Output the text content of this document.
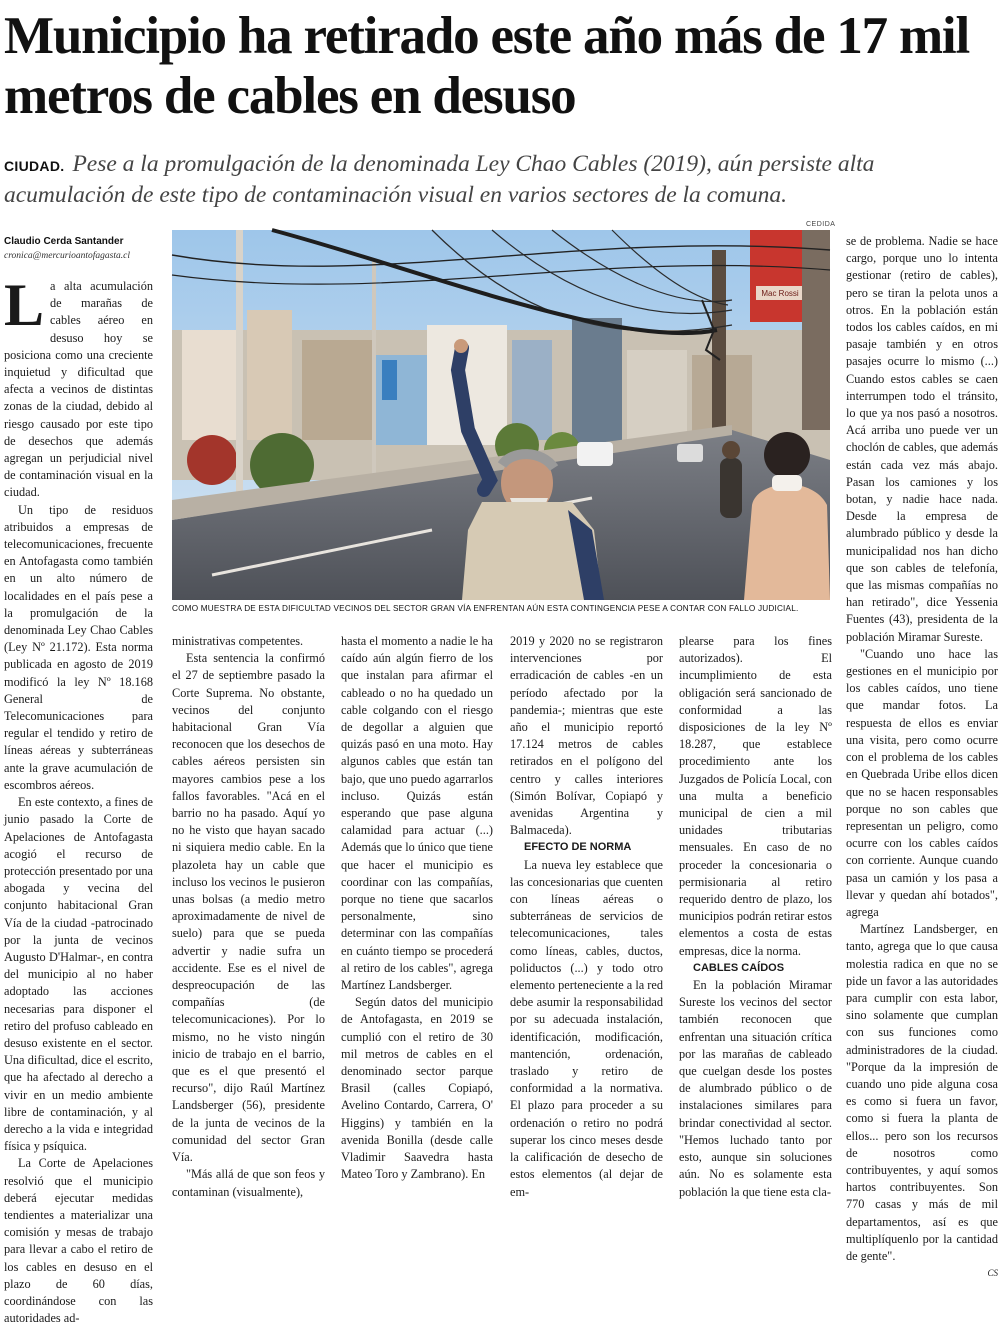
Municipio ha retirado este año más de 17 mil metros de cables en desuso
CIUDAD. Pese a la promulgación de la denominada Ley Chao Cables (2019), aún persiste alta acumulación de este tipo de contaminación visual en varios sectores de la comuna.
CEDIDA
Claudio Cerda Santander
cronica@mercurioantofagasta.cl
Mac Rossi
COMO MUESTRA DE ESTA DIFICULTAD VECINOS DEL SECTOR GRAN VÍA ENFRENTAN AÚN ESTA CONTINGENCIA PESE A CONTAR CON FALLO JUDICIAL.

La alta acumulación de marañas de cables aéreo en desuso hoy se posiciona como una creciente inquietud y dificultad que afecta a vecinos de distintas zonas de la ciudad, debido al riesgo causado por este tipo de desechos que además agregan un perjudicial nivel de contaminación visual en la ciudad.

Un tipo de residuos atribuidos a empresas de telecomunicaciones, frecuente en Antofagasta como también en un alto número de localidades en el país pese a la promulgación de la denominada Ley Chao Cables (Ley Nº 21.172). Esta norma publicada en agosto de 2019 modificó la ley Nº 18.168 General de Telecomunicaciones para regular el tendido y retiro de líneas aéreas y subterráneas ante la grave acumulación de escombros aéreos.

En este contexto, a fines de junio pasado la Corte de Apelaciones de Antofagasta acogió el recurso de protección presentado por una abogada y vecina del conjunto habitacional Gran Vía de la ciudad -patrocinado por la junta de vecinos Augusto D'Halmar-, en contra del municipio al no haber adoptado las acciones necesarias para disponer el retiro del profuso cableado en desuso existente en el sector. Una dificultad, dice el escrito, que ha afectado al derecho a vivir en un medio ambiente libre de contaminación, y al derecho a la vida e integridad física y psíquica.

La Corte de Apelaciones resolvió que el municipio deberá ejecutar medidas tendientes a materializar una comisión y mesas de trabajo para llevar a cabo el retiro de los cables en desuso en el plazo de 60 días, coordinándose con las autoridades ad-

ministrativas competentes.

Esta sentencia la confirmó el 27 de septiembre pasado la Corte Suprema. No obstante, vecinos del conjunto habitacional Gran Vía reconocen que los desechos de cables aéreos persisten sin mayores cambios pese a los fallos favorables. "Acá en el barrio no ha pasado. Aquí yo no he visto que hayan sacado ni siquiera medio cable. En la plazoleta hay un cable que incluso los vecinos le pusieron unas bolsas (a medio metro aproximadamente de nivel de suelo) para que se pueda advertir y nadie sufra un accidente. Ese es el nivel de despreocupación de las compañías (de telecomunicaciones). Por lo mismo, no he visto ningún inicio de trabajo en el barrio, que es el que presentó el recurso", dijo Raúl Martínez Landsberger (56), presidente de la junta de vecinos de la comunidad del sector Gran Vía.

"Más allá de que son feos y contaminan (visualmente),

hasta el momento a nadie le ha caído aún algún fierro de los que instalan para afirmar el cableado o no ha quedado un cable colgando con el riesgo de degollar a alguien que quizás pasó en una moto. Hay algunos cables que están tan bajo, que uno puedo agarrarlos incluso. Quizás están esperando que pase alguna calamidad para actuar (...) Además que lo único que tiene que hacer el municipio es coordinar con las compañías, porque no tiene que sacarlos personalmente, sino determinar con las compañías en cuánto tiempo se procederá al retiro de los cables", agrega Martínez Landsberger.

Según datos del municipio de Antofagasta, en 2019 se cumplió con el retiro de 30 mil metros de cables en el denominado sector parque Brasil (calles Copiapó, Avelino Contardo, Carrera, O' Higgins) y también en la avenida Bonilla (desde calle Vladimir Saavedra hasta Mateo Toro y Zambrano). En

2019 y 2020 no se registraron intervenciones por erradicación de cables -en un período afectado por la pandemia-; mientras que este año el municipio reportó 17.124 metros de cables retirados en el polígono del centro y calles interiores (Simón Bolívar, Copiapó y avenidas Argentina y Balmaceda).

EFECTO DE NORMA

La nueva ley establece que las concesionarias que cuenten con líneas aéreas o subterráneas de servicios de telecomunicaciones, tales como líneas, cables, ductos, poliductos (...) y todo otro elemento perteneciente a la red debe asumir la responsabilidad por su adecuada instalación, identificación, modificación, mantención, ordenación, traslado y retiro de conformidad a la normativa. El plazo para proceder a su ordenación o retiro no podrá superar los cinco meses desde la calificación de desecho de estos elementos (al dejar de em-

plearse para los fines autorizados). El incumplimiento de esta obligación será sancionado de conformidad a las disposiciones de la ley Nº 18.287, que establece procedimiento ante los Juzgados de Policía Local, con una multa a beneficio municipal de cien a mil unidades tributarias mensuales. En caso de no proceder la concesionaria o permisionaria al retiro requerido dentro de plazo, los municipios podrán retirar estos elementos a costa de estas empresas, dice la norma.

CABLES CAÍDOS

En la población Miramar Sureste los vecinos del sector también reconocen que enfrentan una situación crítica por las marañas de cableado que cuelgan desde los postes de alumbrado público o de instalaciones similares para brindar conectividad al sector. "Hemos luchado tanto por esto, aunque sin soluciones aún. No es solamente esta población la que tiene esta cla-

se de problema. Nadie se hace cargo, porque uno lo intenta gestionar (retiro de cables), pero se tiran la pelota unos a otros. En la población están todos los cables caídos, en mi pasaje también y en otros pasajes ocurre lo mismo (...) Cuando estos cables se caen interrumpen todo el tránsito, lo que ya nos pasó a nosotros. Acá arriba uno puede ver un choclón de cables, que además están cada vez más abajo. Pasan los camiones y los botan, y nadie hace nada. Desde la empresa de alumbrado público y desde la municipalidad nos han dicho que son cables de telefonía, que las mismas compañías no han retirado", dice Yessenia Fuentes (43), presidenta de la población Miramar Sureste.

"Cuando uno hace las gestiones en el municipio por los cables caídos, uno tiene que mandar fotos. La respuesta de ellos es enviar una visita, pero como ocurre con el problema de los cables en Quebrada Uribe ellos dicen que no se hacen responsables porque no son cables que representan un peligro, como ocurre con los cables caídos con corriente. Aunque cuando pasa un camión y los pasa a llevar y quedan ahí botados", agrega

Martínez Landsberger, en tanto, agrega que lo que causa molestia radica en que no se pide un favor a las autoridades para cumplir con esta labor, sino solamente que cumplan con sus funciones como administradores de la ciudad. "Porque da la impresión de cuando uno pide alguna cosa es como si fuera un favor, como si fuera la planta de ellos... pero son los recursos de nosotros como contribuyentes, y aquí somos hartos contribuyentes. Son 770 casas y más de mil departamentos, así es que multiplíquenlo por la cantidad de gente".

CS
